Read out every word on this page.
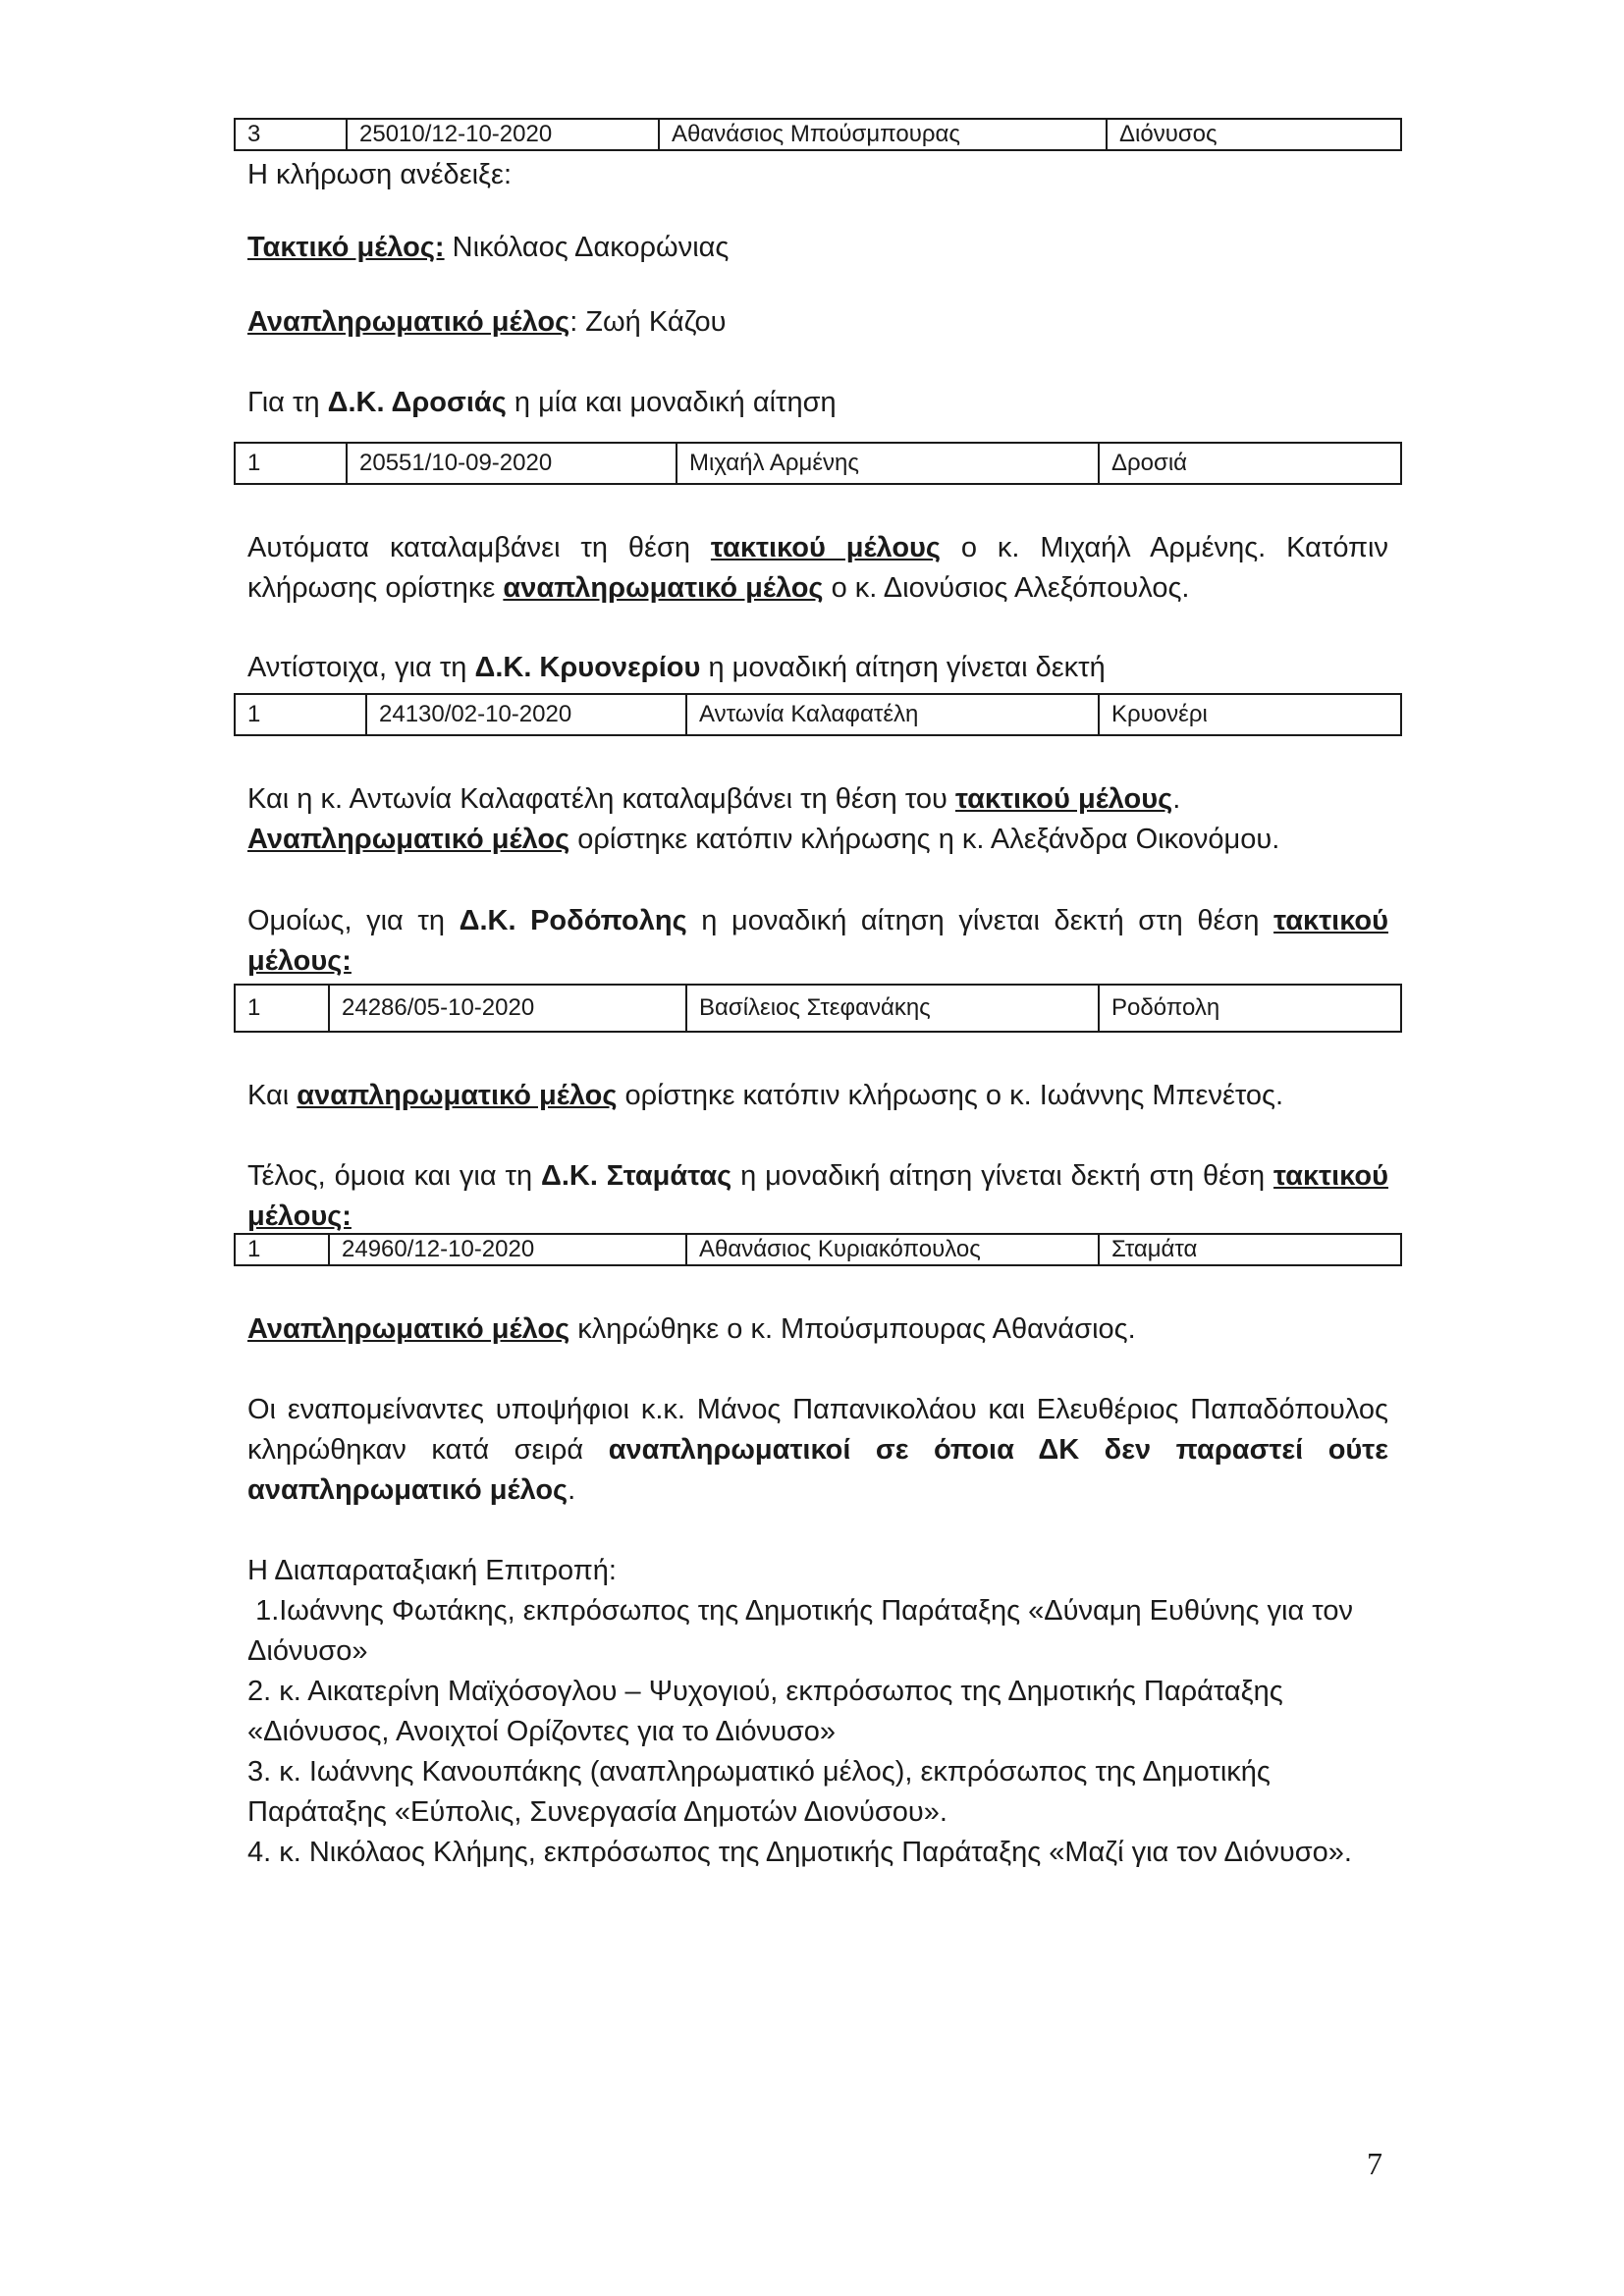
3	25010/12-10-2020	Αθανάσιος Μπούσμπουρας	Διόνυσος

Η κλήρωση ανέδειξε:

Τακτικό μέλος: Νικόλαος Δακορώνιας

Αναπληρωματικό μέλος: Ζωή Κάζου

Για τη Δ.Κ. Δροσιάς η μία και μοναδική αίτηση

1	20551/10-09-2020	Μιχαήλ Αρμένης	Δροσιά

Αυτόματα καταλαμβάνει τη θέση τακτικού μέλους ο κ. Μιχαήλ Αρμένης. Κατόπιν κλήρωσης ορίστηκε αναπληρωματικό μέλος ο κ. Διονύσιος Αλεξόπουλος.

Αντίστοιχα, για τη Δ.Κ. Κρυονερίου η μοναδική αίτηση γίνεται δεκτή

1	24130/02-10-2020	Αντωνία Καλαφατέλη	Κρυονέρι

Και η κ. Αντωνία Καλαφατέλη καταλαμβάνει τη θέση του τακτικού μέλους.
Αναπληρωματικό μέλος ορίστηκε κατόπιν κλήρωσης η κ. Αλεξάνδρα Οικονόμου.

Ομοίως, για τη Δ.Κ. Ροδόπολης η μοναδική αίτηση γίνεται δεκτή στη θέση τακτικού μέλους:

1	24286/05-10-2020	Βασίλειος Στεφανάκης	Ροδόπολη

Και αναπληρωματικό μέλος ορίστηκε κατόπιν κλήρωσης ο κ. Ιωάννης Μπενέτος.

Τέλος, όμοια και για τη Δ.Κ. Σταμάτας η μοναδική αίτηση γίνεται δεκτή στη θέση τακτικού μέλους:

1	24960/12-10-2020	Αθανάσιος Κυριακόπουλος	Σταμάτα

Αναπληρωματικό μέλος κληρώθηκε ο κ. Μπούσμπουρας Αθανάσιος.

Οι εναπομείναντες υποψήφιοι κ.κ. Μάνος Παπανικολάου και Ελευθέριος Παπαδόπουλος κληρώθηκαν κατά σειρά αναπληρωματικοί σε όποια ΔΚ δεν παραστεί ούτε αναπληρωματικό μέλος.

Η Διαπαραταξιακή Επιτροπή:
1.Ιωάννης Φωτάκης, εκπρόσωπος της Δημοτικής Παράταξης «Δύναμη Ευθύνης για τον Διόνυσο»
2. κ. Αικατερίνη Μαϊχόσογλου – Ψυχογιού, εκπρόσωπος της Δημοτικής Παράταξης «Διόνυσος, Ανοιχτοί Ορίζοντες για το Διόνυσο»
3. κ. Ιωάννης Κανουπάκης (αναπληρωματικό μέλος), εκπρόσωπος της Δημοτικής Παράταξης «Εύπολις, Συνεργασία Δημοτών Διονύσου».
4. κ. Νικόλαος Κλήμης, εκπρόσωπος της Δημοτικής Παράταξης «Μαζί για τον Διόνυσο».
7
